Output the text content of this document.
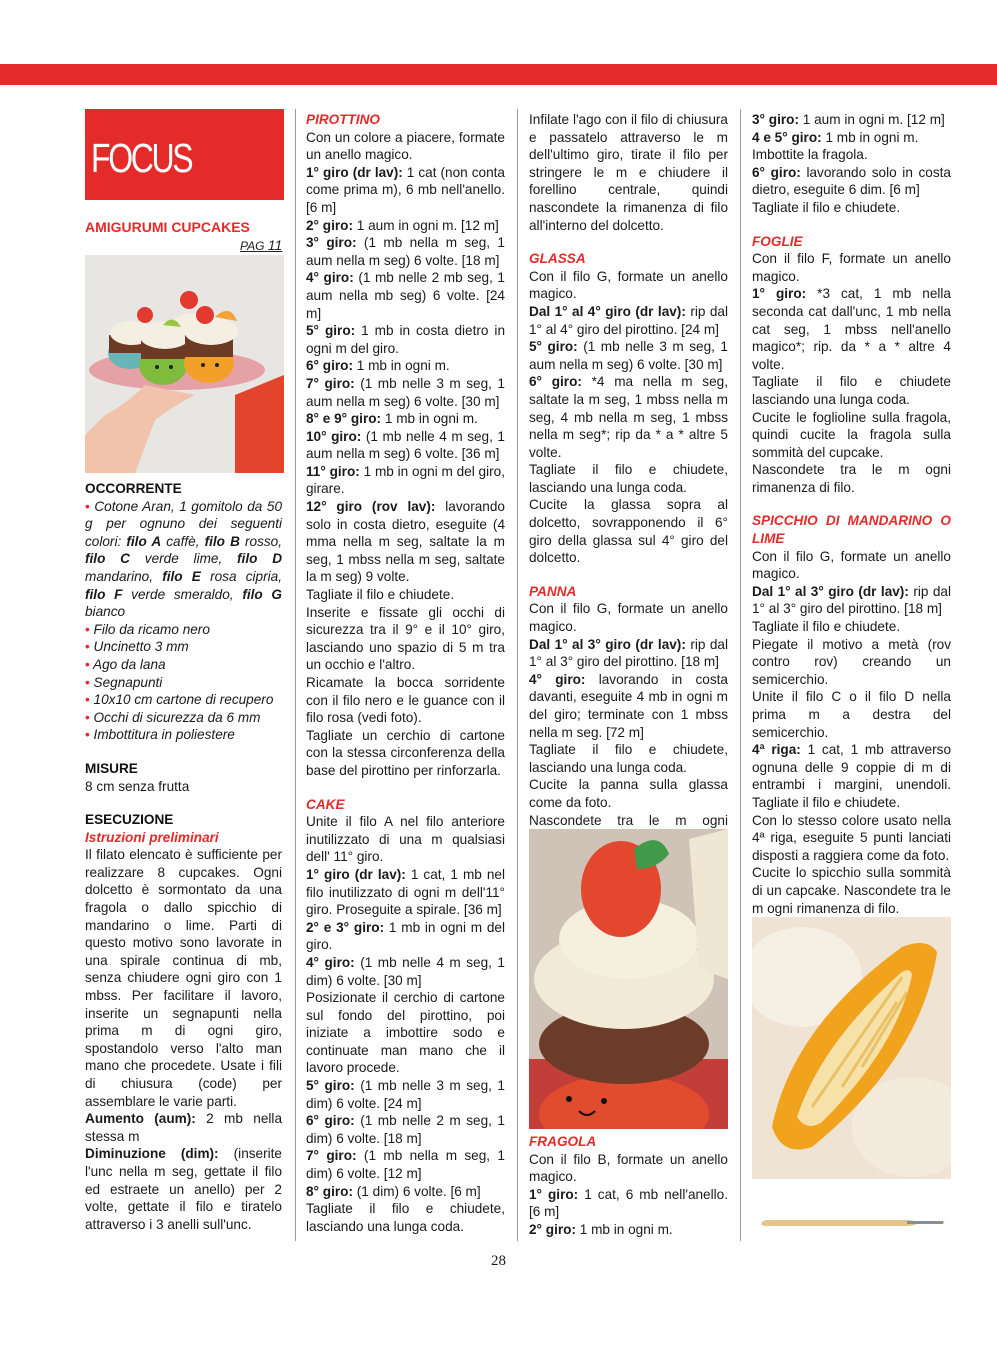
FOCUS
AMIGURUMI CUPCAKES
PAG 11

OCCORRENTE

• Cotone Aran, 1 gomitolo da 50 g per ognuno dei seguenti colori: filo A caffè, filo B rosso, filo C verde lime, filo D mandarino, filo E rosa cipria, filo F verde smeraldo, filo G bianco

• Filo da ricamo nero

• Uncinetto 3 mm

• Ago da lana

• Segnapunti

• 10x10 cm cartone di recupero

• Occhi di sicurezza da 6 mm

• Imbottitura in poliestere

MISURE

8 cm senza frutta

ESECUZIONE

Istruzioni preliminari

Il filato elencato è sufficiente per realizzare 8 cupcakes. Ogni dolcetto è sormontato da una fragola o dallo spicchio di mandarino o lime. Parti di questo motivo sono lavorate in una spirale continua di mb, senza chiudere ogni giro con 1 mbss. Per facilitare il lavoro, inserite un segnapunti nella prima m di ogni giro, spostandolo verso l'alto man mano che procedete. Usate i fili di chiusura (code) per assemblare le varie parti.

Aumento (aum): 2 mb nella stessa m

Diminuzione (dim): (inserite l'unc nella m seg, gettate il filo ed estraete un anello) per 2 volte, gettate il filo e tiratelo attraverso i 3 anelli sull'unc.

PIROTTINO

Con un colore a piacere, formate un anello magico.

1° giro (dr lav): 1 cat (non conta come prima m), 6 mb nell'anello. [6 m]

2° giro: 1 aum in ogni m. [12 m]

3° giro: (1 mb nella m seg, 1 aum nella m seg) 6 volte. [18 m]

4° giro: (1 mb nelle 2 mb seg, 1 aum nella mb seg) 6 volte. [24 m]

5° giro: 1 mb in costa dietro in ogni m del giro.

6° giro: 1 mb in ogni m.

7° giro: (1 mb nelle 3 m seg, 1 aum nella m seg) 6 volte. [30 m]

8° e 9° giro: 1 mb in ogni m.

10° giro: (1 mb nelle 4 m seg, 1 aum nella m seg) 6 volte. [36 m]

11° giro: 1 mb in ogni m del giro, girare.

12° giro (rov lav): lavorando solo in costa dietro, eseguite (4 mma nella m seg, saltate la m seg, 1 mbss nella m seg, saltate la m seg) 9 volte.

Tagliate il filo e chiudete.

Inserite e fissate gli occhi di sicurezza tra il 9° e il 10° giro, lasciando uno spazio di 5 m tra un occhio e l'altro.

Ricamate la bocca sorridente con il filo nero e le guance con il filo rosa (vedi foto).

Tagliate un cerchio di cartone con la stessa circonferenza della base del pirottino per rinforzarla.

CAKE

Unite il filo A nel filo anteriore inutilizzato di una m qualsiasi dell' 11° giro.

1° giro (dr lav): 1 cat, 1 mb nel filo inutilizzato di ogni m dell'11° giro. Proseguite a spirale. [36 m]

2° e 3° giro: 1 mb in ogni m del giro.

4° giro: (1 mb nelle 4 m seg, 1 dim) 6 volte. [30 m]

Posizionate il cerchio di cartone sul fondo del pirottino, poi iniziate a imbottire sodo e continuate man mano che il lavoro procede.

5° giro: (1 mb nelle 3 m seg, 1 dim) 6 volte. [24 m]

6° giro: (1 mb nelle 2 m seg, 1 dim) 6 volte. [18 m]

7° giro: (1 mb nella m seg, 1 dim) 6 volte. [12 m]

8° giro: (1 dim) 6 volte. [6 m]

Tagliate il filo e chiudete, lasciando una lunga coda.

Infilate l'ago con il filo di chiusura e passatelo attraverso le m dell'ultimo giro, tirate il filo per stringere le m e chiudere il forellino centrale, quindi nascondete la rimanenza di filo all'interno del dolcetto.

GLASSA

Con il filo G, formate un anello magico.

Dal 1° al 4° giro (dr lav): rip dal 1° al 4° giro del pirottino. [24 m]

5° giro: (1 mb nelle 3 m seg, 1 aum nella m seg) 6 volte. [30 m]

6° giro: *4 ma nella m seg, saltate la m seg, 1 mbss nella m seg, 4 mb nella m seg, 1 mbss nella m seg*; rip da * a * altre 5 volte.

Tagliate il filo e chiudete, lasciando una lunga coda.

Cucite la glassa sopra al dolcetto, sovrapponendo il 6° giro della glassa sul 4° giro del dolcetto.

PANNA

Con il filo G, formate un anello magico.

Dal 1° al 3° giro (dr lav): rip dal 1° al 3° giro del pirottino. [18 m]

4° giro: lavorando in costa davanti, eseguite 4 mb in ogni m del giro; terminate con 1 mbss nella m seg. [72 m]

Tagliate il filo e chiudete, lasciando una lunga coda.

Cucite la panna sulla glassa come da foto.

Nascondete tra le m ogni

FRAGOLA

Con il filo B, formate un anello magico.

1° giro: 1 cat, 6 mb nell'anello. [6 m]

2° giro: 1 mb in ogni m.

3° giro: 1 aum in ogni m. [12 m]

4 e 5° giro: 1 mb in ogni m.

Imbottite la fragola.

6° giro: lavorando solo in costa dietro, eseguite 6 dim. [6 m]

Tagliate il filo e chiudete.

FOGLIE

Con il filo F, formate un anello magico.

1° giro: *3 cat, 1 mb nella seconda cat dall'unc, 1 mb nella cat seg, 1 mbss nell'anello magico*; rip. da * a * altre 4 volte.

Tagliate il filo e chiudete lasciando una lunga coda.

Cucite le foglioline sulla fragola, quindi cucite la fragola sulla sommità del cupcake.

Nascondete tra le m ogni rimanenza di filo.

SPICCHIO DI MANDARINO O LIME

Con il filo G, formate un anello magico.

Dal 1° al 3° giro (dr lav): rip dal 1° al 3° giro del pirottino. [18 m]

Tagliate il filo e chiudete.

Piegate il motivo a metà (rov contro rov) creando un semicerchio.

Unite il filo C o il filo D nella prima m a destra del semicerchio.

4ª riga: 1 cat, 1 mb attraverso ognuna delle 9 coppie di m di entrambi i margini, unendoli. Tagliate il filo e chiudete.

Con lo stesso colore usato nella 4ª riga, eseguite 5 punti lanciati disposti a raggiera come da foto.

Cucite lo spicchio sulla sommità di un capcake. Nascondete tra le m ogni rimanenza di filo.

28
